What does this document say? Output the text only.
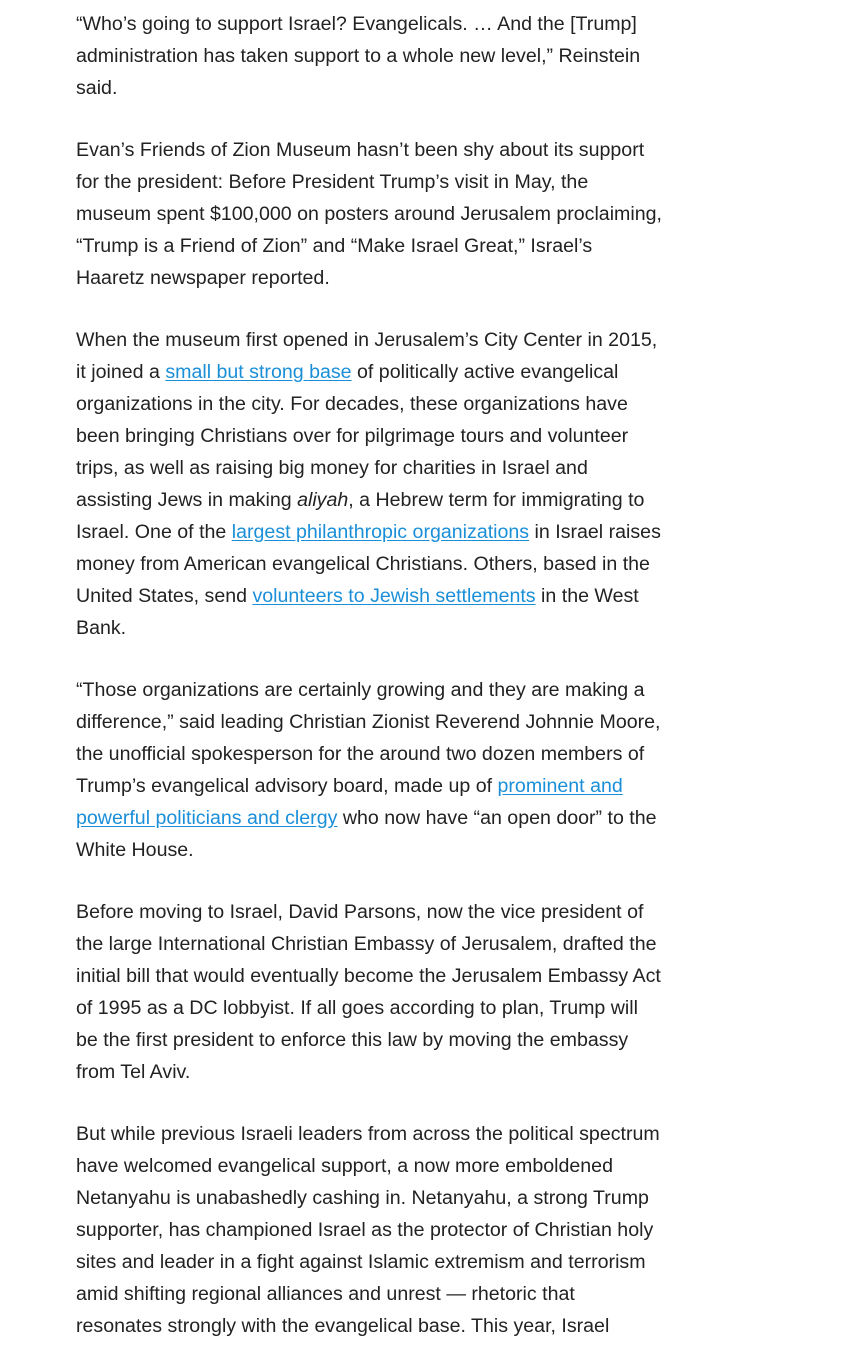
“Who’s going to support Israel? Evangelicals. … And the [Trump]
administration has taken support to a whole new level,” Reinstein
said.

Evan’s Friends of Zion Museum hasn’t been shy about its support
for the president: Before President Trump’s visit in May, the
museum spent $100,000 on posters around Jerusalem proclaiming,
“Trump is a Friend of Zion” and “Make Israel Great,” Israel’s
Haaretz newspaper reported.

When the museum first opened in Jerusalem’s City Center in 2015,
it joined a small but strong base of politically active evangelical
organizations in the city. For decades, these organizations have
been bringing Christians over for pilgrimage tours and volunteer
trips, as well as raising big money for charities in Israel and
assisting Jews in making aliyah, a Hebrew term for immigrating to
Israel. One of the largest philanthropic organizations in Israel raises
money from American evangelical Christians. Others, based in the
United States, send volunteers to Jewish settlements in the West
Bank.

“Those organizations are certainly growing and they are making a
difference,” said leading Christian Zionist Reverend Johnnie Moore,
the unofficial spokesperson for the around two dozen members of
Trump’s evangelical advisory board, made up of prominent and
powerful politicians and clergy who now have “an open door” to the
White House.

Before moving to Israel, David Parsons, now the vice president of
the large International Christian Embassy of Jerusalem, drafted the
initial bill that would eventually become the Jerusalem Embassy Act
of 1995 as a DC lobbyist. If all goes according to plan, Trump will
be the first president to enforce this law by moving the embassy
from Tel Aviv.

But while previous Israeli leaders from across the political spectrum
have welcomed evangelical support, a now more emboldened
Netanyahu is unabashedly cashing in. Netanyahu, a strong Trump
supporter, has championed Israel as the protector of Christian holy
sites and leader in a fight against Islamic extremism and terrorism
amid shifting regional alliances and unrest — rhetoric that
resonates strongly with the evangelical base. This year, Israel
